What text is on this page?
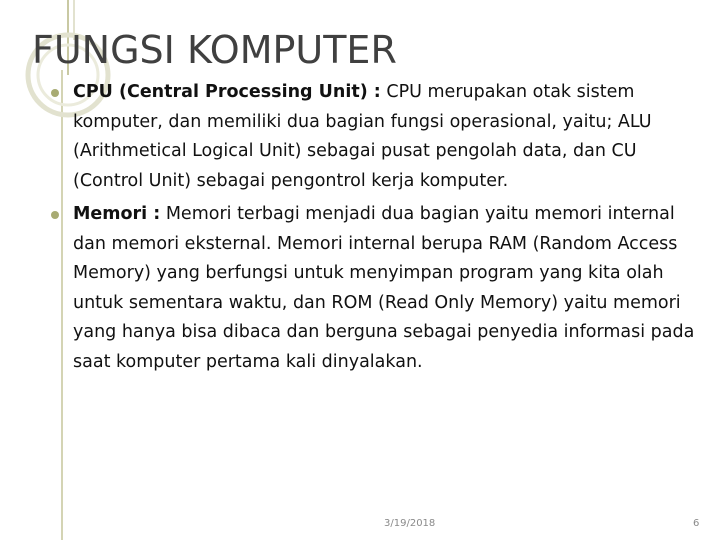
FUNGSI KOMPUTER

CPU (Central Processing Unit) : CPU merupakan otak sistem komputer, dan memiliki dua bagian fungsi operasional, yaitu; ALU (Arithmetical Logical Unit) sebagai pusat pengolah data, dan CU (Control Unit) sebagai pengontrol kerja komputer.

Memori : Memori terbagi menjadi dua bagian yaitu memori internal dan memori eksternal. Memori internal berupa RAM (Random Access Memory) yang berfungsi untuk menyimpan program yang kita olah untuk sementara waktu, dan ROM (Read Only Memory) yaitu memori yang hanya bisa dibaca dan berguna sebagai penyedia informasi pada saat komputer pertama kali dinyalakan.

3/19/2018	6
